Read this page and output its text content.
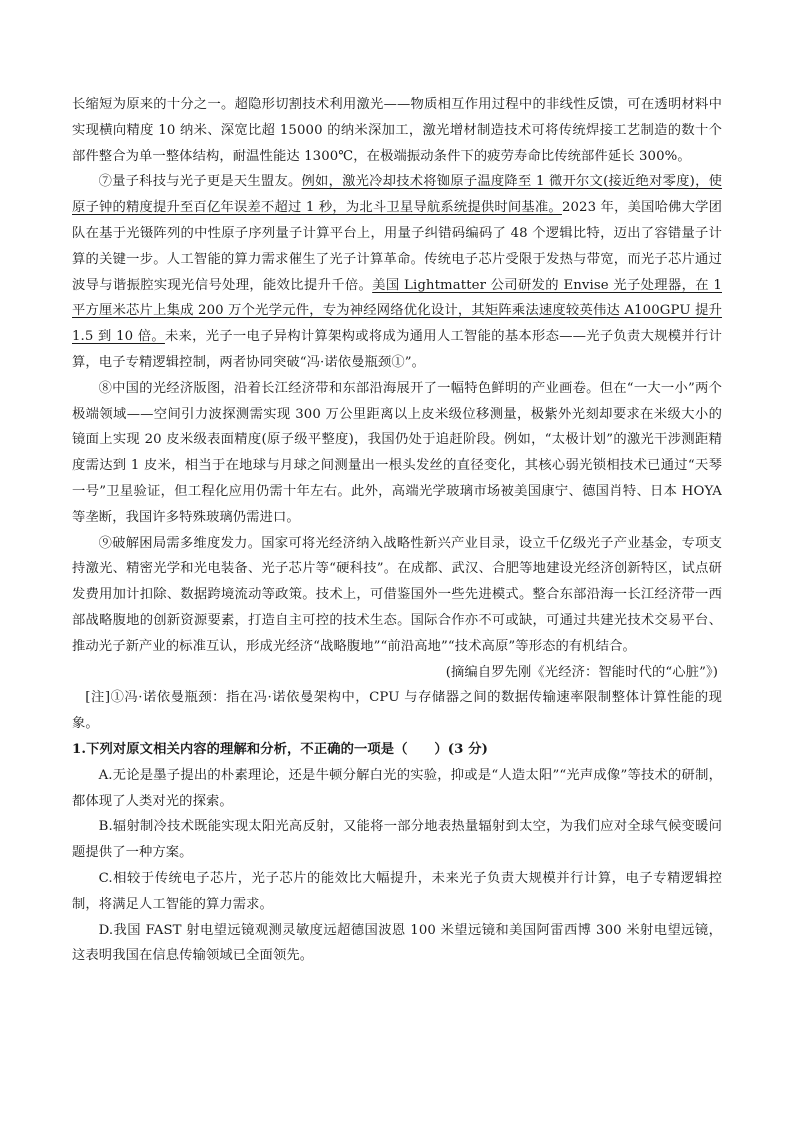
长缩短为原来的十分之一。超隐形切割技术利用激光——物质相互作用过程中的非线性反馈，可在透明材料中实现横向精度 10 纳米、深宽比超 15000 的纳米深加工，激光增材制造技术可将传统焊接工艺制造的数十个部件整合为单一整体结构，耐温性能达 1300℃，在极端振动条件下的疲劳寿命比传统部件延长 300%。

⑦量子科技与光子更是天生盟友。例如，激光冷却技术将铷原子温度降至 1 微开尔文(接近绝对零度)，使原子钟的精度提升至百亿年误差不超过 1 秒，为北斗卫星导航系统提供时间基准。2023 年，美国哈佛大学团队在基于光镊阵列的中性原子序列量子计算平台上，用量子纠错码编码了 48 个逻辑比特，迈出了容错量子计算的关键一步。人工智能的算力需求催生了光子计算革命。传统电子芯片受限于发热与带宽，而光子芯片通过波导与谐振腔实现光信号处理，能效比提升千倍。美国 Lightmatter 公司研发的 Envise 光子处理器，在 1 平方厘米芯片上集成 200 万个光学元件，专为神经网络优化设计，其矩阵乘法速度较英伟达 A100GPU 提升 1.5 到 10 倍。未来，光子一电子异构计算架构或将成为通用人工智能的基本形态——光子负责大规模并行计算，电子专精逻辑控制，两者协同突破“冯·诺依曼瓶颈①”。

⑧中国的光经济版图，沿着长江经济带和东部沿海展开了一幅特色鲜明的产业画卷。但在“一大一小”两个极端领域——空间引力波探测需实现 300 万公里距离以上皮米级位移测量，极紫外光刻却要求在米级大小的镜面上实现 20 皮米级表面精度(原子级平整度)，我国仍处于追赶阶段。例如，“太极计划”的激光干涉测距精度需达到 1 皮米，相当于在地球与月球之间测量出一根头发丝的直径变化，其核心弱光锁相技术已通过“天琴一号”卫星验证，但工程化应用仍需十年左右。此外，高端光学玻璃市场被美国康宁、德国肖特、日本 HOYA 等垄断，我国许多特殊玻璃仍需进口。

⑨破解困局需多维度发力。国家可将光经济纳入战略性新兴产业目录，设立千亿级光子产业基金，专项支持激光、精密光学和光电装备、光子芯片等“硬科技”。在成都、武汉、合肥等地建设光经济创新特区，试点研发费用加计扣除、数据跨境流动等政策。技术上，可借鉴国外一些先进模式。整合东部沿海一长江经济带一西部战略腹地的创新资源要素，打造自主可控的技术生态。国际合作亦不可或缺，可通过共建光技术交易平台、推动光子新产业的标准互认，形成光经济“战略腹地”“前沿高地”“技术高原”等形态的有机结合。

(摘编自罗先刚《光经济：智能时代的“心脏”》)

[注]①冯·诺依曼瓶颈：指在冯·诺依曼架构中，CPU 与存储器之间的数据传输速率限制整体计算性能的现象。

1.下列对原文相关内容的理解和分析，不正确的一项是（　　）(3 分)

A.无论是墨子提出的朴素理论，还是牛顿分解白光的实验，抑或是“人造太阳”“光声成像”等技术的研制，都体现了人类对光的探索。

B.辐射制冷技术既能实现太阳光高反射，又能将一部分地表热量辐射到太空，为我们应对全球气候变暖问题提供了一种方案。

C.相较于传统电子芯片，光子芯片的能效比大幅提升，未来光子负责大规模并行计算，电子专精逻辑控制，将满足人工智能的算力需求。

D.我国 FAST 射电望远镜观测灵敏度远超德国波恩 100 米望远镜和美国阿雷西博 300 米射电望远镜，这表明我国在信息传输领域已全面领先。
